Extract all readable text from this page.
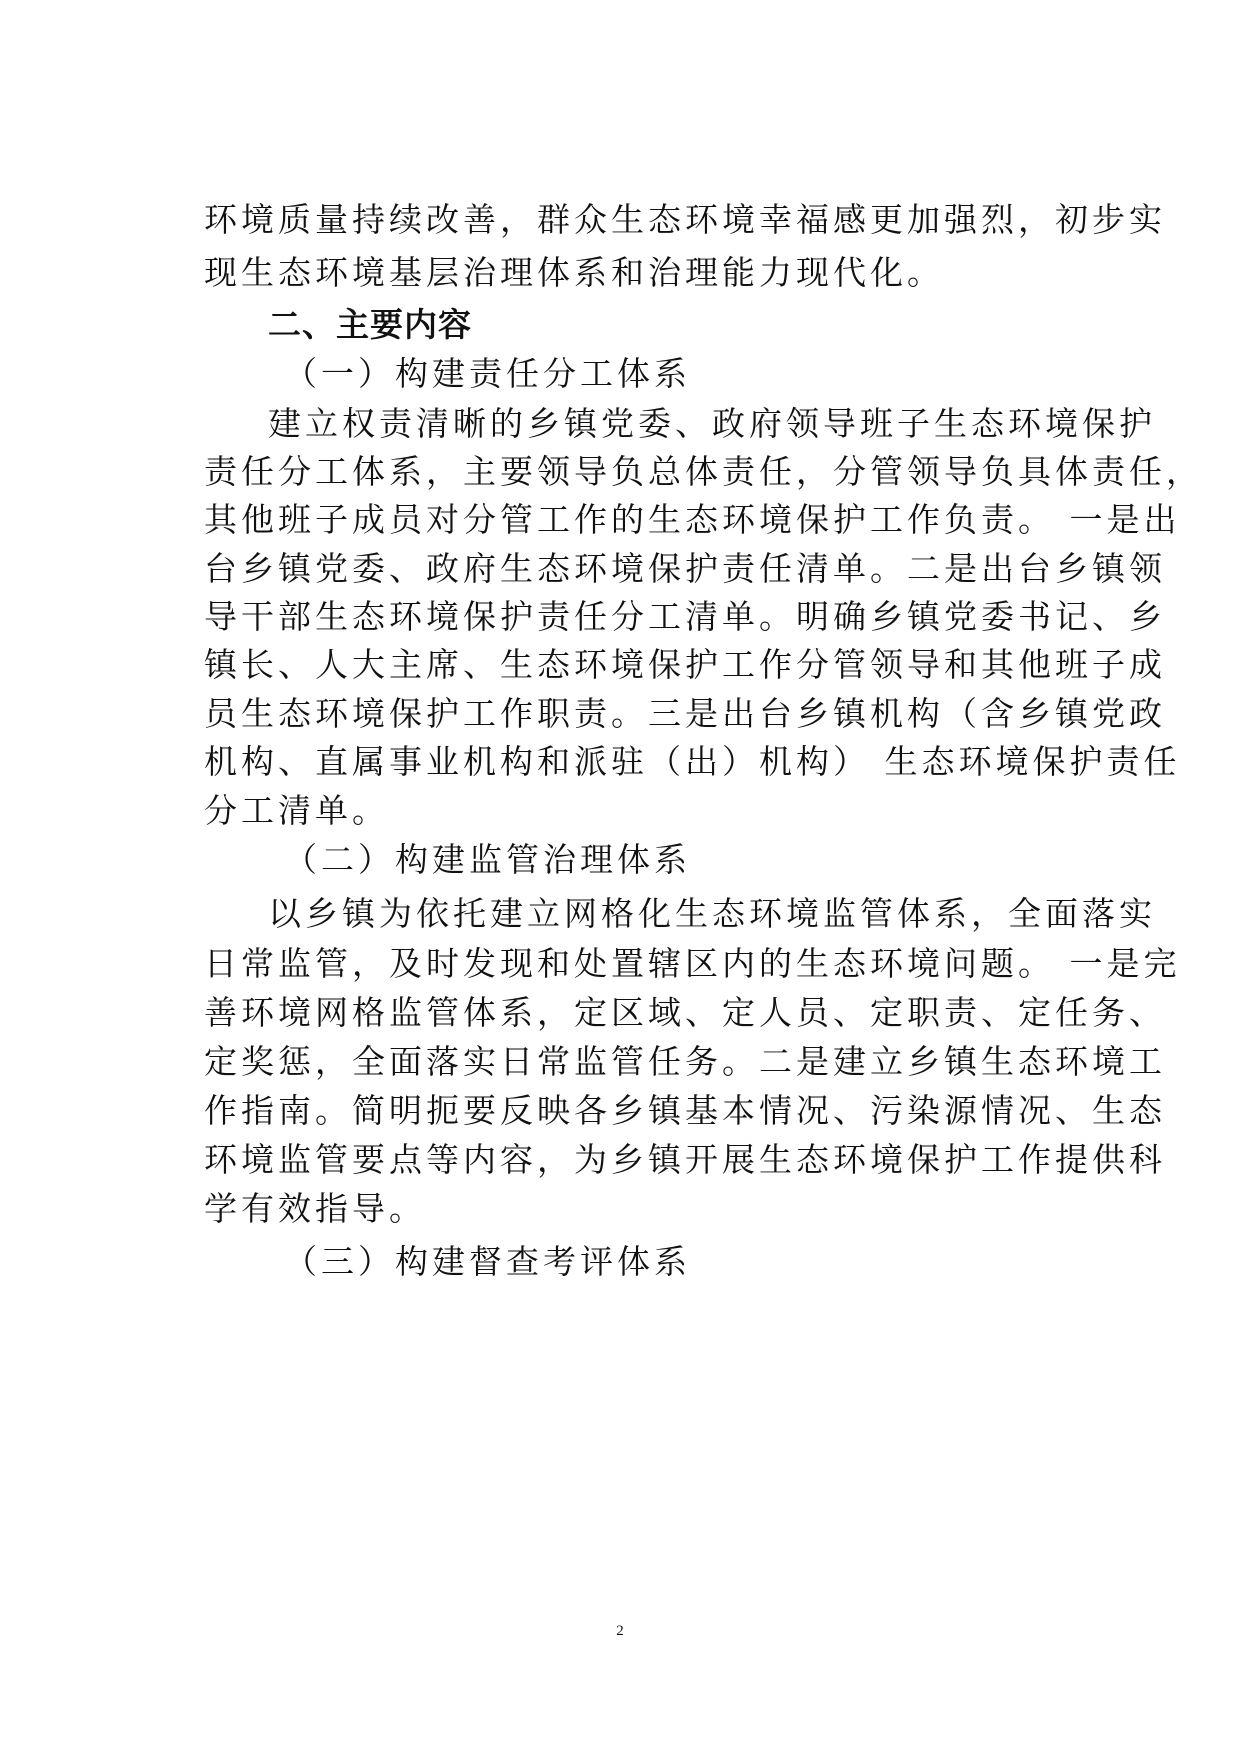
环境质量持续改善，群众生态环境幸福感更加强烈，初步实
现生态环境基层治理体系和治理能力现代化。
二、主要内容
（一）构建责任分工体系
建立权责清晰的乡镇党委、政府领导班子生态环境保护
责任分工体系，主要领导负总体责任，分管领导负具体责任，
其他班子成员对分管工作的生态环境保护工作负责。 一是出
台乡镇党委、政府生态环境保护责任清单。二是出台乡镇领
导干部生态环境保护责任分工清单。明确乡镇党委书记、乡
镇长、人大主席、生态环境保护工作分管领导和其他班子成
员生态环境保护工作职责。三是出台乡镇机构（含乡镇党政
机构、直属事业机构和派驻（出）机构） 生态环境保护责任
分工清单。
（二）构建监管治理体系
以乡镇为依托建立网格化生态环境监管体系，全面落实
日常监管，及时发现和处置辖区内的生态环境问题。 一是完
善环境网格监管体系，定区域、定人员、定职责、定任务、
定奖惩，全面落实日常监管任务。二是建立乡镇生态环境工
作指南。简明扼要反映各乡镇基本情况、污染源情况、生态
环境监管要点等内容，为乡镇开展生态环境保护工作提供科
学有效指导。
（三）构建督查考评体系
2
